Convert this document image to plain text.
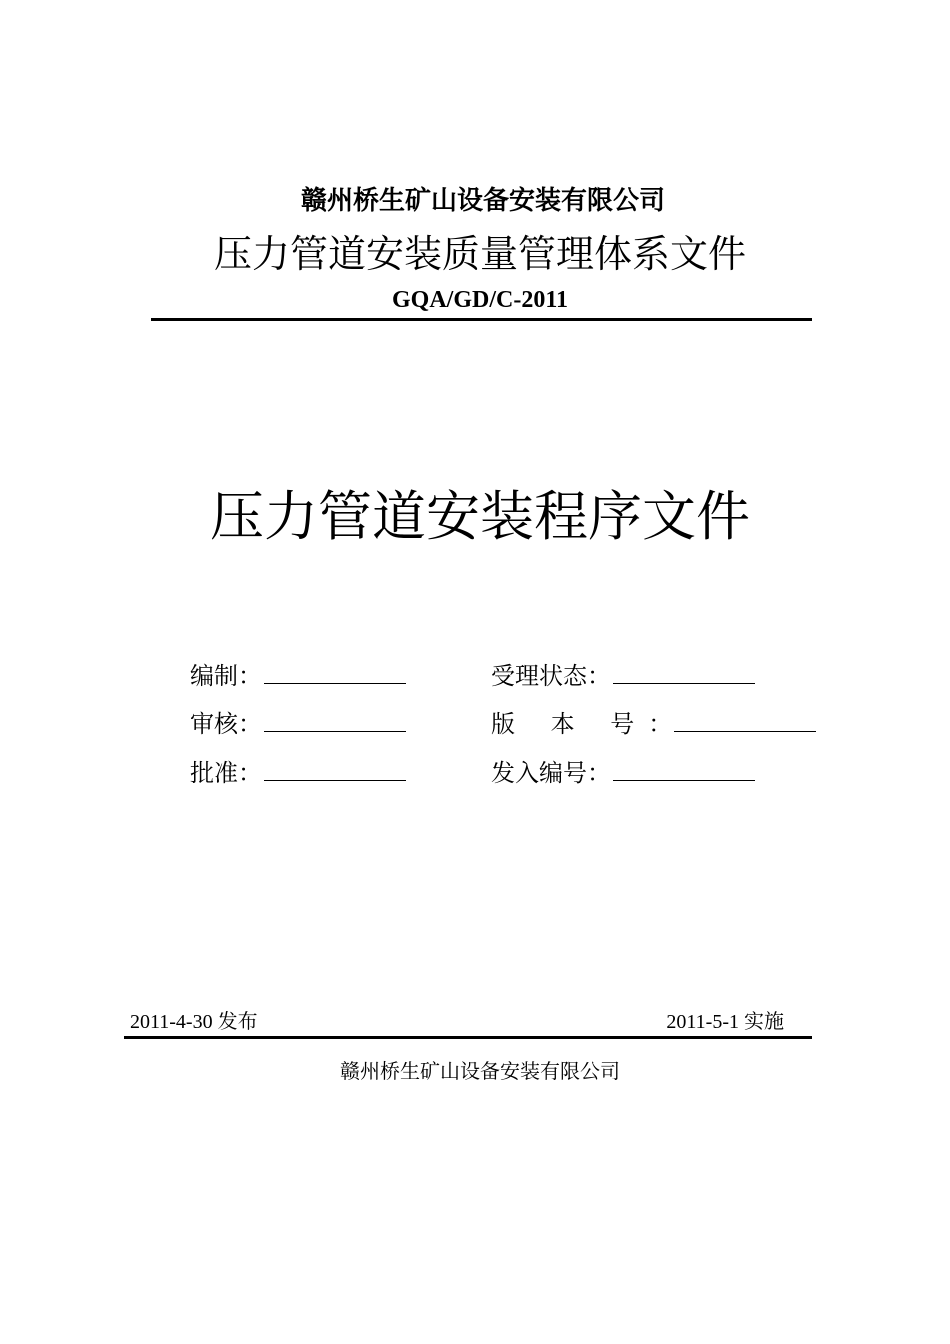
赣州桥生矿山设备安装有限公司
压力管道安装质量管理体系文件
GQA/GD/C-2011
压力管道安装程序文件
编制：
审核：
批准：
受理状态：
版 本 号：
发入编号：
2011-4-30 发布	2011-5-1 实施
赣州桥生矿山设备安装有限公司
